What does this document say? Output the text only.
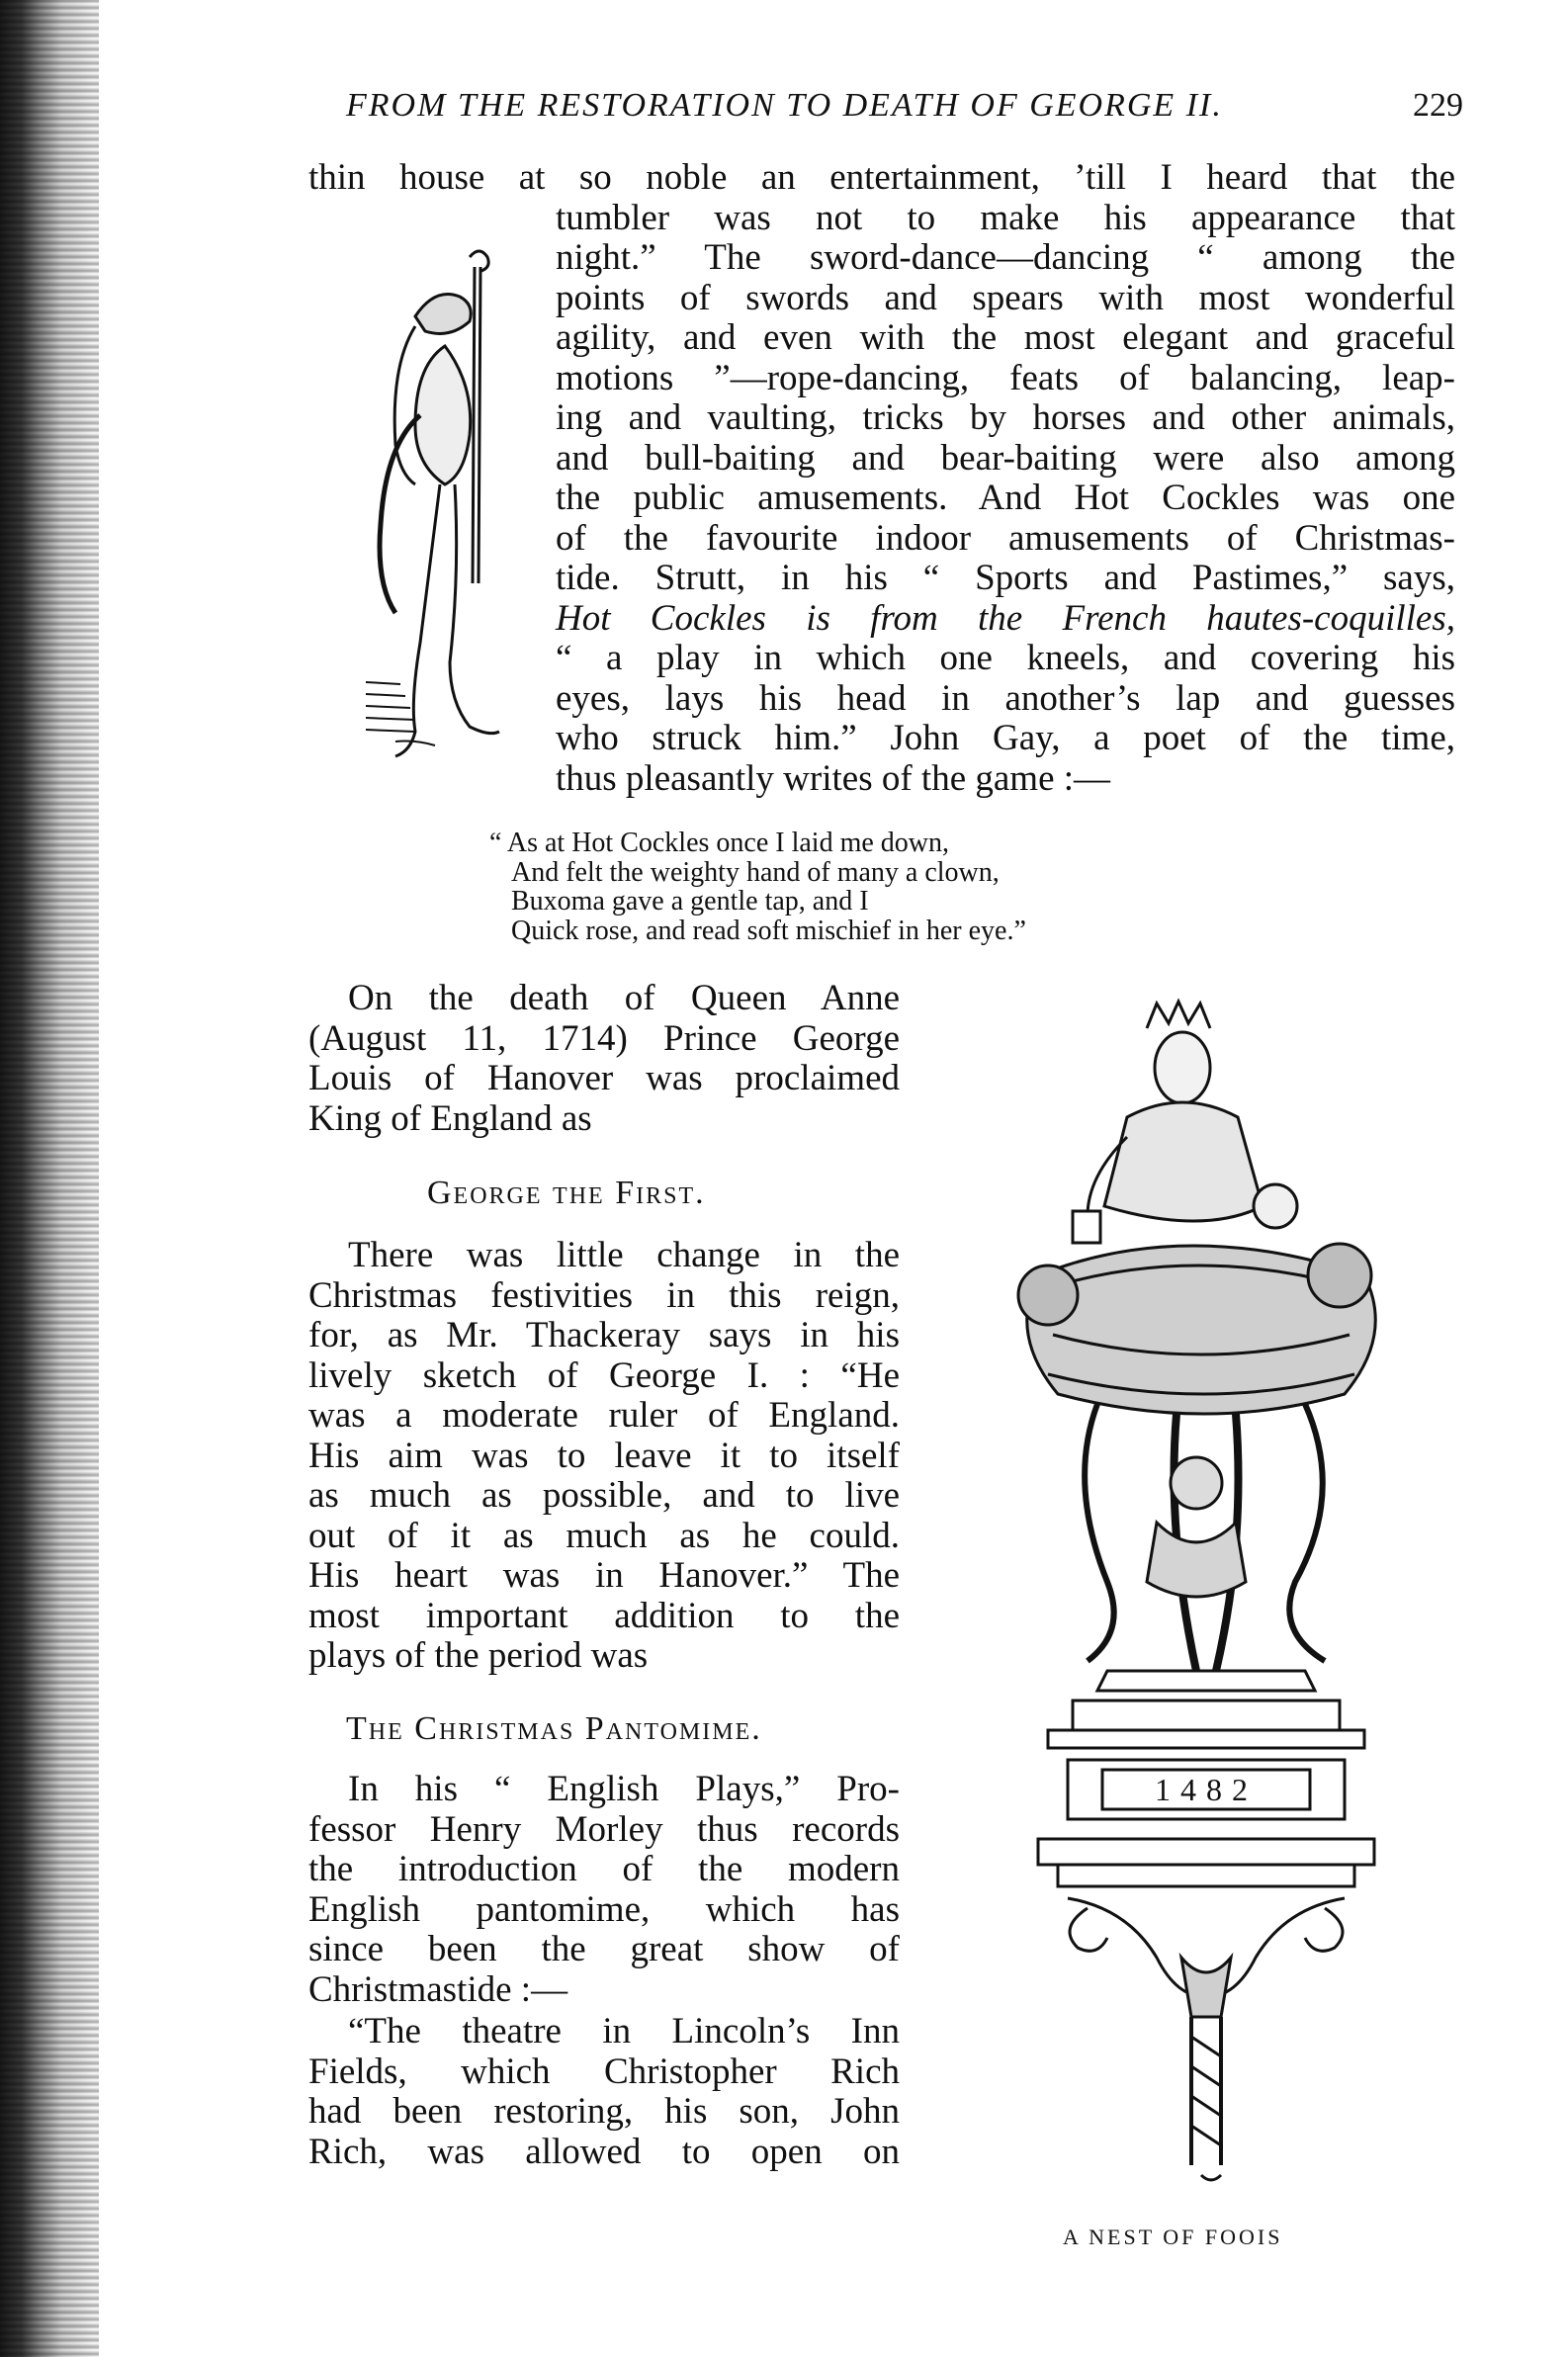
FROM THE RESTORATION TO DEATH OF GEORGE II.	229
thin house at so noble an entertainment, ’till I heard that the
tumbler was not to make his appearance that
night.” The sword-dance—dancing “ among the
points of swords and spears with most wonderful
agility, and even with the most elegant and graceful
motions ”—rope-dancing, feats of balancing, leap-
ing and vaulting, tricks by horses and other animals,
and bull-baiting and bear-baiting were also among
the public amusements. And Hot Cockles was one
of the favourite indoor amusements of Christmas-
tide. Strutt, in his “ Sports and Pastimes,” says,
Hot Cockles is from the French hautes-coquilles,
“ a play in which one kneels, and covering his
eyes, lays his head in another’s lap and guesses
who struck him.” John Gay, a poet of the time,
thus pleasantly writes of the game :—
“ As at Hot Cockles once I laid me down,
And felt the weighty hand of many a clown,
Buxoma gave a gentle tap, and I
Quick rose, and read soft mischief in her eye.”
On the death of Queen Anne
(August 11, 1714) Prince George
Louis of Hanover was proclaimed
King of England as
George the First.
There was little change in the
Christmas festivities in this reign,
for, as Mr. Thackeray says in his
lively sketch of George I. : “He
was a moderate ruler of England.
His aim was to leave it to itself
as much as possible, and to live
out of it as much as he could.
His heart was in Hanover.” The
most important addition to the
plays of the period was
The Christmas Pantomime.
In his “ English Plays,” Pro-
fessor Henry Morley thus records
the introduction of the modern
English pantomime, which has
since been the great show of
Christmastide :—
“The theatre in Lincoln’s Inn
Fields, which Christopher Rich
had been restoring, his son, John
Rich, was allowed to open on
1482
A NEST OF FOOIS
